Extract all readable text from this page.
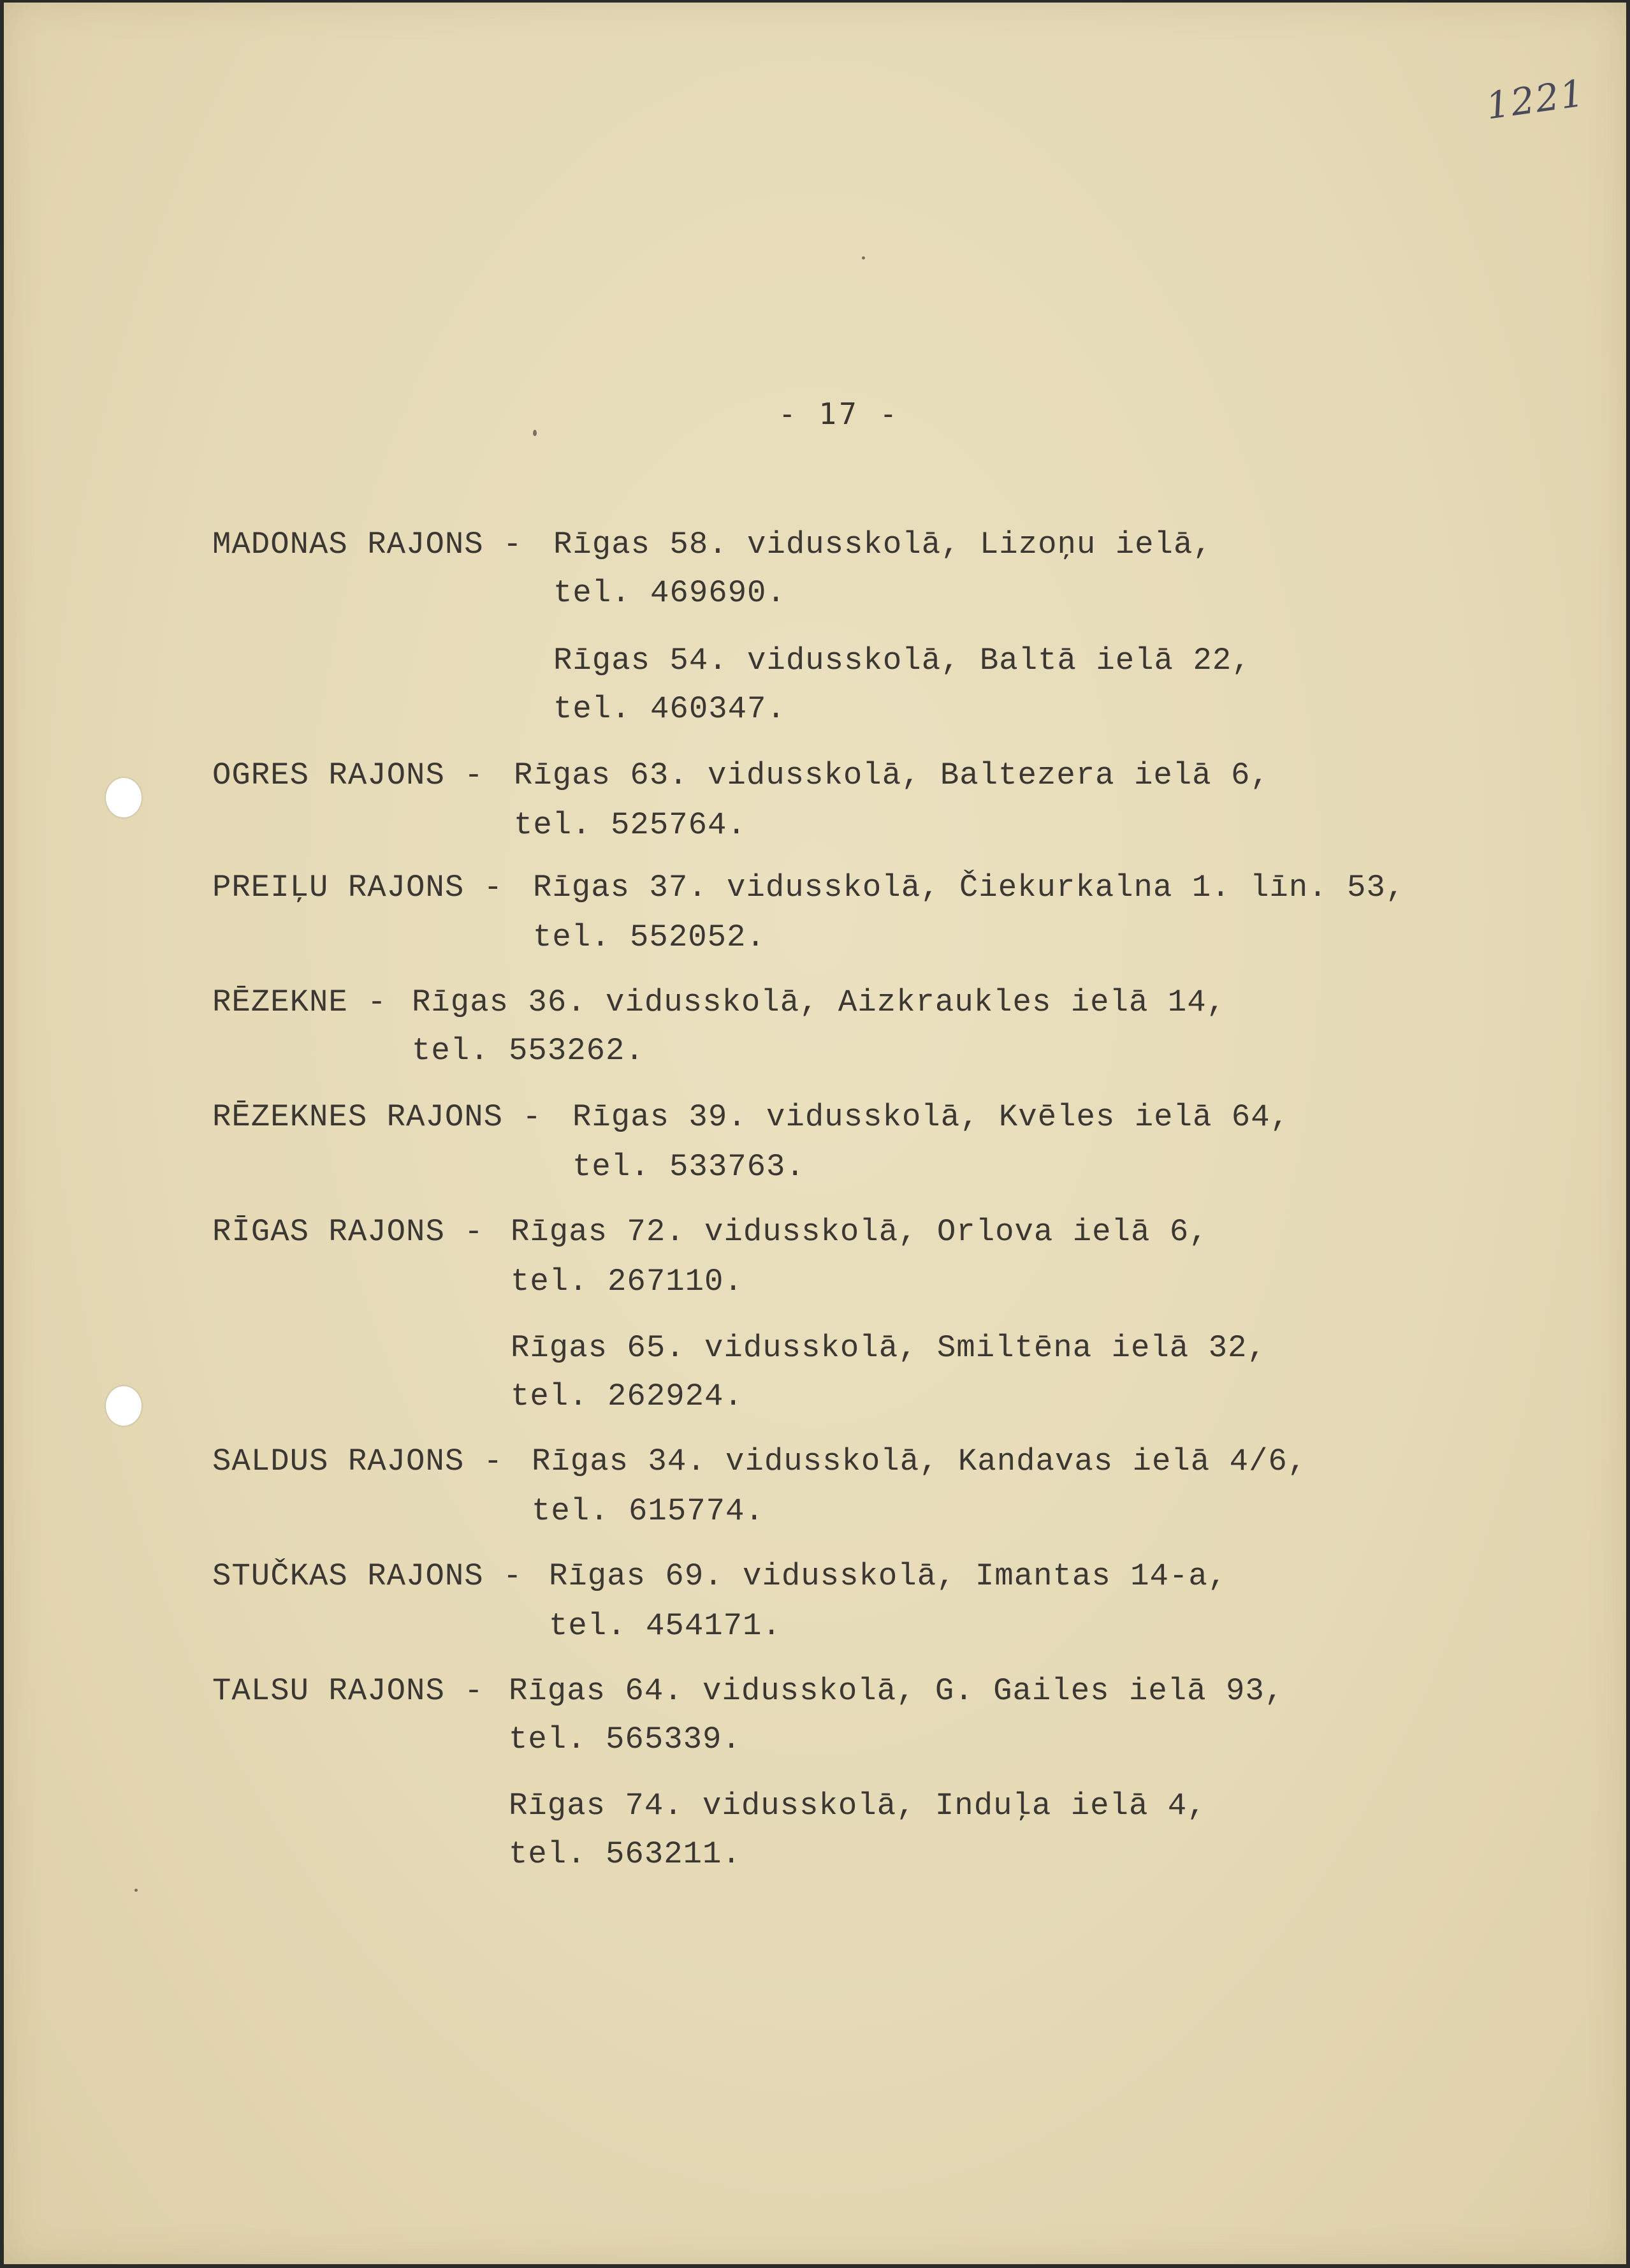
1221
- 17 -
MADONAS RAJONS - Rīgas 58. vidusskolā, Lizoņu ielā,
tel. 469690.
Rīgas 54. vidusskolā, Baltā ielā 22,
tel. 460347.
OGRES RAJONS - Rīgas 63. vidusskolā, Baltezera ielā 6,
tel. 525764.
PREIĻU RAJONS - Rīgas 37. vidusskolā, Čiekurkalna 1. līn. 53,
tel. 552052.
RĒZEKNE - Rīgas 36. vidusskolā, Aizkraukles ielā 14,
tel. 553262.
RĒZEKNES RAJONS - Rīgas 39. vidusskolā, Kvēles ielā 64,
tel. 533763.
RĪGAS RAJONS - Rīgas 72. vidusskolā, Orlova ielā 6,
tel. 267110.
Rīgas 65. vidusskolā, Smiltēna ielā 32,
tel. 262924.
SALDUS RAJONS - Rīgas 34. vidusskolā, Kandavas ielā 4/6,
tel. 615774.
STUČKAS RAJONS - Rīgas 69. vidusskolā, Imantas 14-a,
tel. 454171.
TALSU RAJONS - Rīgas 64. vidusskolā, G. Gailes ielā 93,
tel. 565339.
Rīgas 74. vidusskolā, Induļa ielā 4,
tel. 563211.
